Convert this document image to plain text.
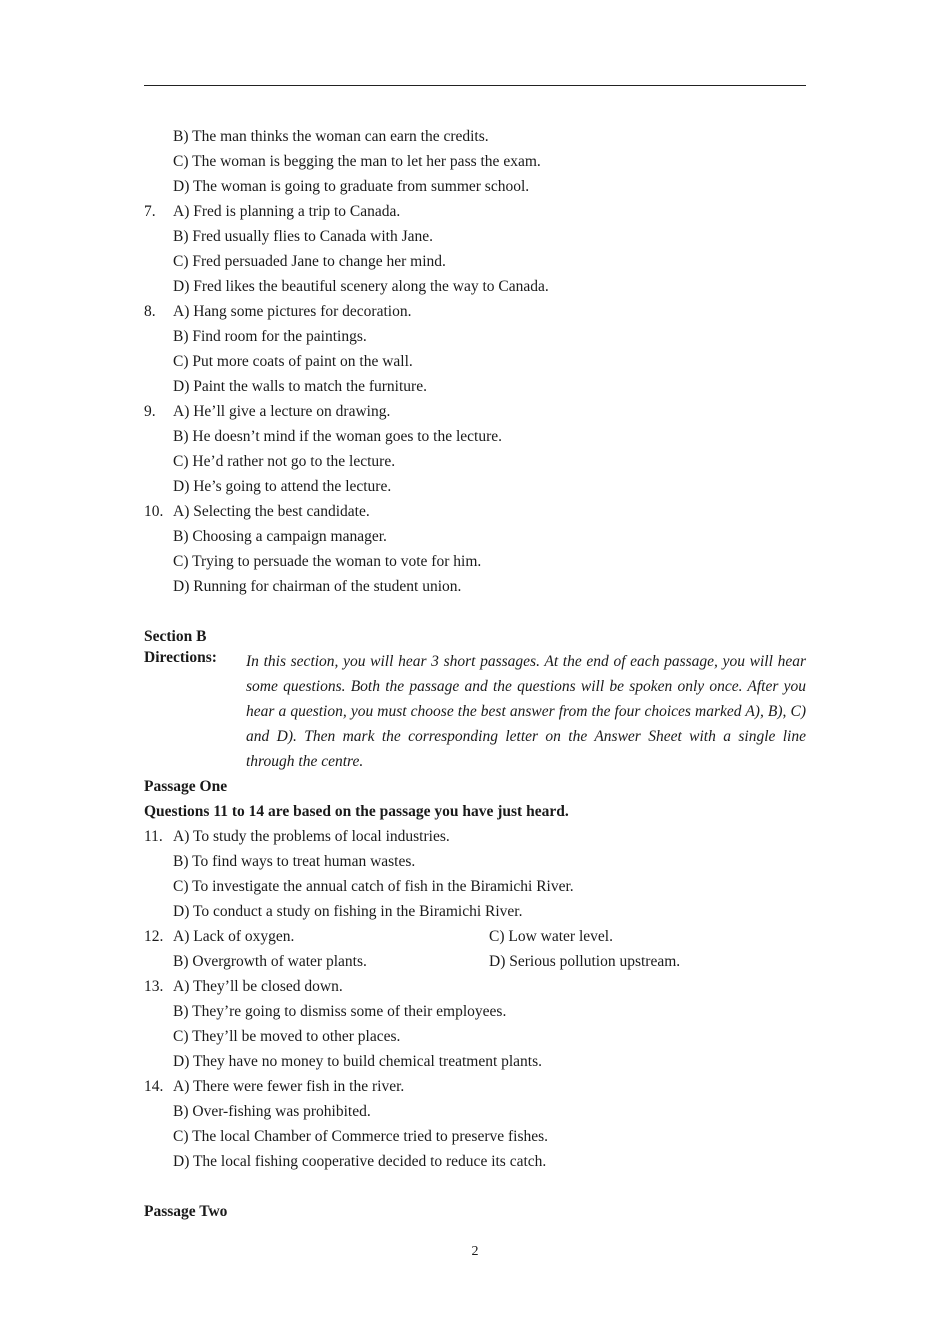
B) The man thinks the woman can earn the credits.
C) The woman is begging the man to let her pass the exam.
D) The woman is going to graduate from summer school.
7. A) Fred is planning a trip to Canada.
B) Fred usually flies to Canada with Jane.
C) Fred persuaded Jane to change her mind.
D) Fred likes the beautiful scenery along the way to Canada.
8. A) Hang some pictures for decoration.
B) Find room for the paintings.
C) Put more coats of paint on the wall.
D) Paint the walls to match the furniture.
9. A) He’ll give a lecture on drawing.
B) He doesn’t mind if the woman goes to the lecture.
C) He’d rather not go to the lecture.
D) He’s going to attend the lecture.
10. A) Selecting the best candidate.
B) Choosing a campaign manager.
C) Trying to persuade the woman to vote for him.
D) Running for chairman of the student union.
Section B
Directions: In this section, you will hear 3 short passages. At the end of each passage, you will hear some questions. Both the passage and the questions will be spoken only once. After you hear a question, you must choose the best answer from the four choices marked A), B), C) and D). Then mark the corresponding letter on the Answer Sheet with a single line through the centre.
Passage One
Questions 11 to 14 are based on the passage you have just heard.
11. A) To study the problems of local industries.
B) To find ways to treat human wastes.
C) To investigate the annual catch of fish in the Biramichi River.
D) To conduct a study on fishing in the Biramichi River.
12. A) Lack of oxygen.	C) Low water level.
B) Overgrowth of water plants.	D) Serious pollution upstream.
13. A) They’ll be closed down.
B) They’re going to dismiss some of their employees.
C) They’ll be moved to other places.
D) They have no money to build chemical treatment plants.
14. A) There were fewer fish in the river.
B) Over-fishing was prohibited.
C) The local Chamber of Commerce tried to preserve fishes.
D) The local fishing cooperative decided to reduce its catch.
Passage Two
2
